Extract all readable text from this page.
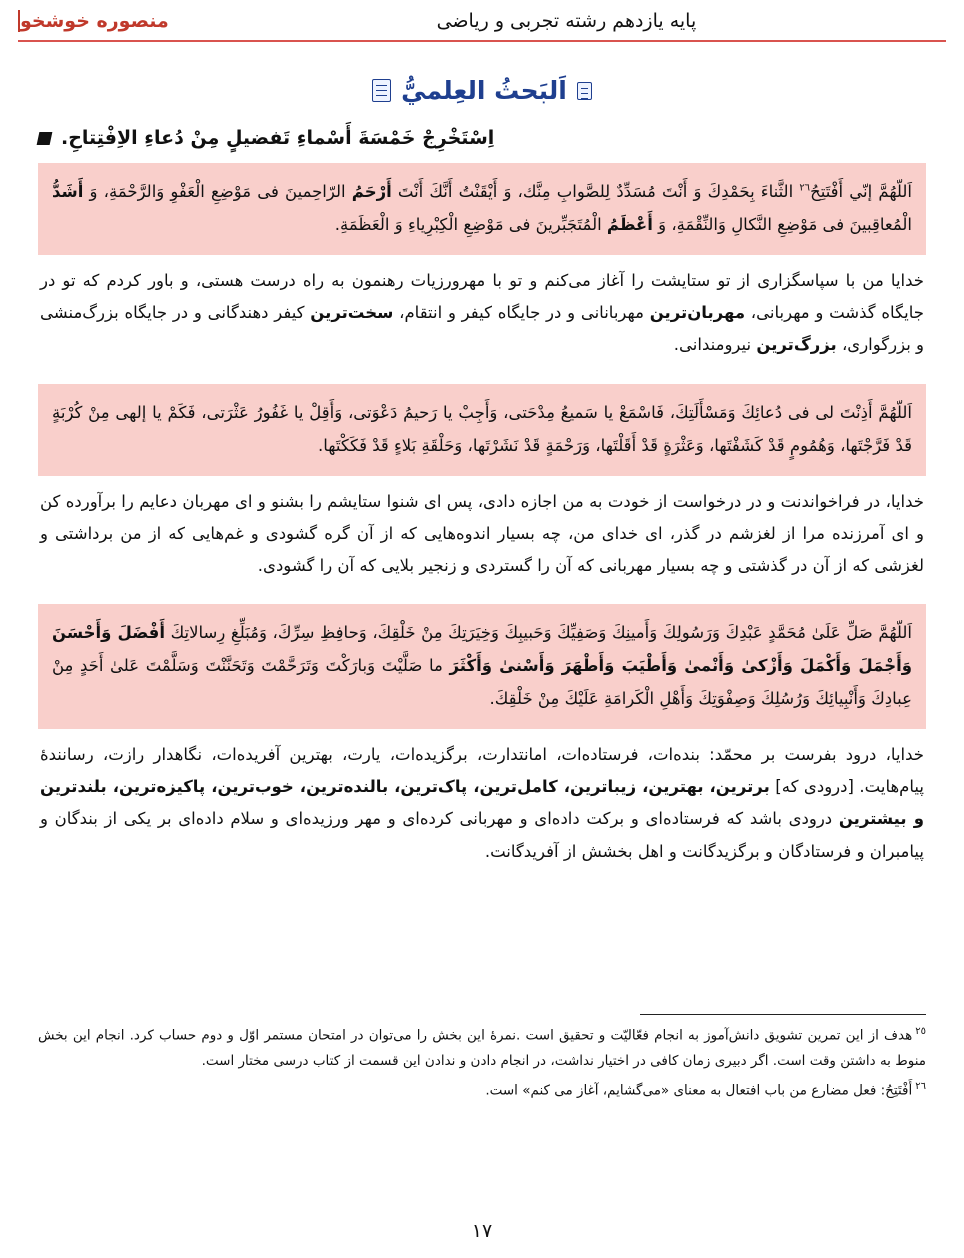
منصوره خوشخو	پایه یازدهم رشته تجربی و ریاضی
اَلبَحثُ العِلميُّ
اِسْتَخْرِجْ خَمْسَةَ أَسْماءِ تَفضيلٍ مِنْ دُعاءِ الاِفْتِتاحِ.
اَللّهُمَّ إنّي أَفْتَتِحُ$^{٢٦}$ الثَّناءَ بِحَمْدِكَ وَ أَنْتَ مُسَدِّدٌ لِلصَّوابِ مِنَّك، وَ أَيْقَنْتُ أَنَّكَ أَنْتَ أَرْحَمُ الرّاحِمينَ فى مَوْضِعِ الْعَفْوِ وَالرَّحْمَةِ، وَ أَشَدُّ الْمُعاقِبينَ فى مَوْضِعِ النَّكالِ وَالنِّقْمَةِ، وَ أَعْظَمُ الْمُتَجَبِّرينَ فى مَوْضِعِ الْكِبْرِياءِ وَ الْعَظَمَةِ.
خدایا من با سپاسگزاری از تو ستایشت را آغاز می‌کنم و تو با مهرورزیات رهنمون به راه درست هستی، و باور کردم که تو در جایگاه گذشت و مهربانی، مهربان‌ترین مهربانانی و در جایگاه کیفر و انتقام، سخت‌ترین کیفر دهندگانی و در جایگاه بزرگ‌منشی و بزرگواری، بزرگ‌ترین نیرومندانی.
اَللّهُمَّ أَذِنْتَ لى فى دُعائِكَ وَمَسْأَلَتِكَ، فَاسْمَعْ يا سَميعُ مِدْحَتى، وَأَجِبْ يا رَحيمُ دَعْوَتى، وَأَقِلْ يا غَفُورُ عَثْرَتى، فَكَمْ يا إلهى مِنْ كُرْبَةٍ قَدْ فَرَّجْتَها، وَهُمُومٍ قَدْ كَشَفْتَها، وَعَثْرَةٍ قَدْ أَقَلْتَها، وَرَحْمَةٍ قَدْ نَشَرْتَها، وَحَلْقَةِ بَلاءٍ قَدْ فَكَكْتَها.
خدایا، در فراخواندنت و در درخواست از خودت به من اجازه دادی، پس ای شنوا ستایشم را بشنو و ای مهربان دعایم را برآورده کن و ای آمرزنده مرا از لغزشم در گذر، ای خدای من، چه بسیار اندوه‌هایی که از آن گره گشودی و غم‌هایی که از من برداشتی و لغزشی که از آن در گذشتی و چه بسیار مهربانی که آن را گستردی و زنجیر بلایی که آن را گشودی.
اَللّهُمَّ صَلِّ عَلَىٰ مُحَمَّدٍ عَبْدِكَ وَرَسُولِكَ وَأَمينِكَ وَصَفِيِّكَ وَحَبيبِكَ وَخِيَرَتِكَ مِنْ خَلْقِكَ، وَحافِظِ سِرِّكَ، وَمُبَلِّغِ رِسالاتِكَ أَفْضَلَ وَأَحْسَنَ وَأَجْمَلَ وَأَكْمَلَ وَأَزْكىٰ وَأَنْمىٰ وَأَطْيَبَ وَأَطْهَرَ وَأَسْنىٰ وَأَكْثَرَ ما صَلَّيْتَ وَبارَكْتَ وَتَرَحَّمْتَ وَتَحَنَّنْتَ وَسَلَّمْتَ عَلىٰ أَحَدٍ مِنْ عِبادِكَ وَأَنْبِيائِكَ وَرُسُلِكَ وَصِفْوَتِكَ وَأَهْلِ الْكَرامَةِ عَلَيْكَ مِنْ خَلْقِكَ.
خدایا، درود بفرست بر محمّد: بنده‌ات، فرستاده‌ات، امانتدارت، برگزیده‌ات، یارت، بهترین آفریده‌ات، نگاهدار رازت، رساننده‌ٔ پیام‌هایت. [درودی که] برترین، بهترین، زیباترین، کامل‌ترین، پاک‌ترین، بالنده‌ترین، خوب‌ترین، پاکیزه‌ترین، بلندترین و بیشترین درودی باشد که فرستاده‌ای و برکت داده‌ای و مهربانی کرده‌ای و مهر ورزیده‌ای و سلام داده‌ای بر یکی از بندگان و پیامبران و فرستادگان و برگزیدگانت و اهل بخشش از آفریدگانت.
$^{٢٥}$هدف از این تمرین تشویق دانش‌آموز به انجام فعّالیّت و تحقیق است .نمرهٔ این بخش را می‌توان در امتحان مستمر اوّل و دوم حساب کرد. انجام این بخش منوط به داشتن وقت است. اگر دبیری زمان کافی در اختیار نداشت، در انجام دادن و ندادن این قسمت از کتاب درسی مختار است.
$^{٢٦}$أَفْتَتِحُ: فعل مضارع من باب افتعال به معنای «می‌گشایم، آغاز می کنم» است.
۱۷
